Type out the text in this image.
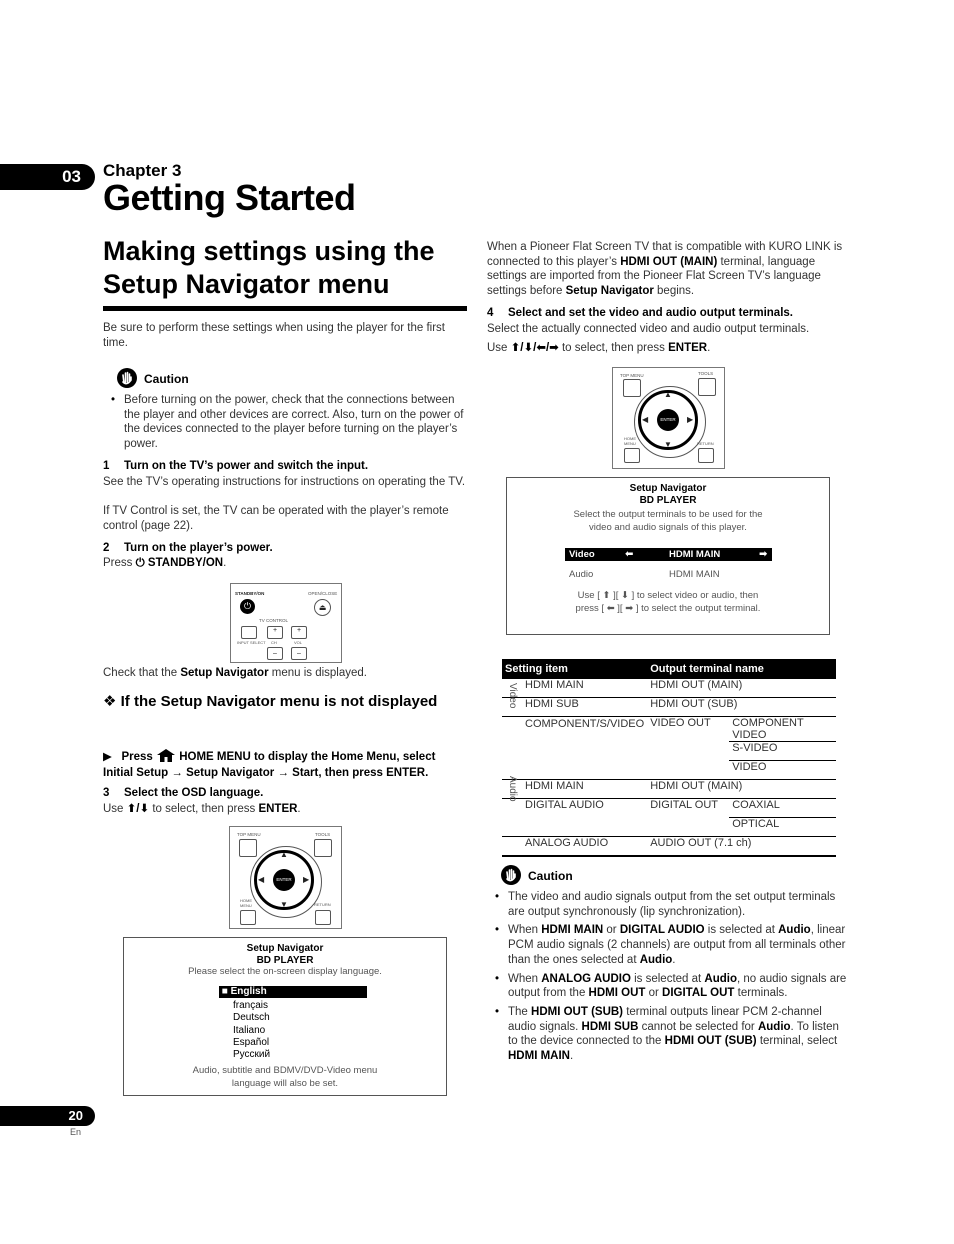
03	Chapter 3
Getting Started
Making settings using the Setup Navigator menu
Be sure to perform these settings when using the player for the first time.
Caution
• Before turning on the power, check that the connections between the player and other devices are correct. Also, turn on the power of the devices connected to the player before turning on the player’s power.
1 Turn on the TV’s power and switch the input.
See the TV’s operating instructions for instructions on operating the TV.
If TV Control is set, the TV can be operated with the player’s remote control (page 22).
2 Turn on the player’s power.
Press ⏻ STANDBY/ON.
STANDBY/ON	OPEN/CLOSE
⏻	⏏
TV CONTROL
+	+
INPUT SELECT CH	VOL
–	–
Check that the Setup Navigator menu is displayed.
❖ If the Setup Navigator menu is not displayed
▶ Press  HOME MENU to display the Home Menu, select Initial Setup → Setup Navigator → Start, then press ENTER.
3 Select the OSD language.
Use ⬆/⬇ to select, then press ENTER.
TOP MENU	TOOLS
ENTER
▲
▼
◀	▶
HOME MENU	RETURN
Setup Navigator
BD PLAYER
Please select the on-screen display language.
■ English
français
Deutsch
Italiano
Español
Русский
Audio, subtitle and BDMV/DVD-Video menu language will also be set.
When a Pioneer Flat Screen TV that is compatible with KURO LINK is connected to this player’s HDMI OUT (MAIN) terminal, language settings are imported from the Pioneer Flat Screen TV’s language settings before Setup Navigator begins.
4 Select and set the video and audio output terminals.
Select the actually connected video and audio output terminals.
Use ⬆/⬇/⬅/➡ to select, then press ENTER.
TOP MENU	TOOLS
ENTER
▲
▼
◀	▶
HOME MENU	RETURN
Setup Navigator
BD PLAYER
Select the output terminals to be used for the video and audio signals of this player.
Video	⬅	HDMI MAIN	➡
Audio	HDMI MAIN
Use [ ⬆ ][ ⬇ ] to select video or audio, then
press [ ⬅ ][ ➡ ] to select the output terminal.
Setting item	Output terminal name	
HDMI MAIN	HDMI OUT (MAIN)	
HDMI SUB	HDMI OUT (SUB)	
COMPONENT/S/VIDEO	VIDEO OUT	COMPONENT VIDEO
		S-VIDEO
		VIDEO
HDMI MAIN	HDMI OUT (MAIN)	
DIGITAL AUDIO	DIGITAL OUT	COAXIAL
		OPTICAL
ANALOG AUDIO	AUDIO OUT (7.1 ch)	
Video
Audio
Caution
• The video and audio signals output from the set output terminals are output synchronously (lip synchronization).
• When HDMI MAIN or DIGITAL AUDIO is selected at Audio, linear PCM audio signals (2 channels) are output from all terminals other than the ones selected at Audio.
• When ANALOG AUDIO is selected at Audio, no audio signals are output from the HDMI OUT or DIGITAL OUT terminals.
• The HDMI OUT (SUB) terminal outputs linear PCM 2-channel audio signals. HDMI SUB cannot be selected for Audio. To listen to the device connected to the HDMI OUT (SUB) terminal, select HDMI MAIN.
20
En
